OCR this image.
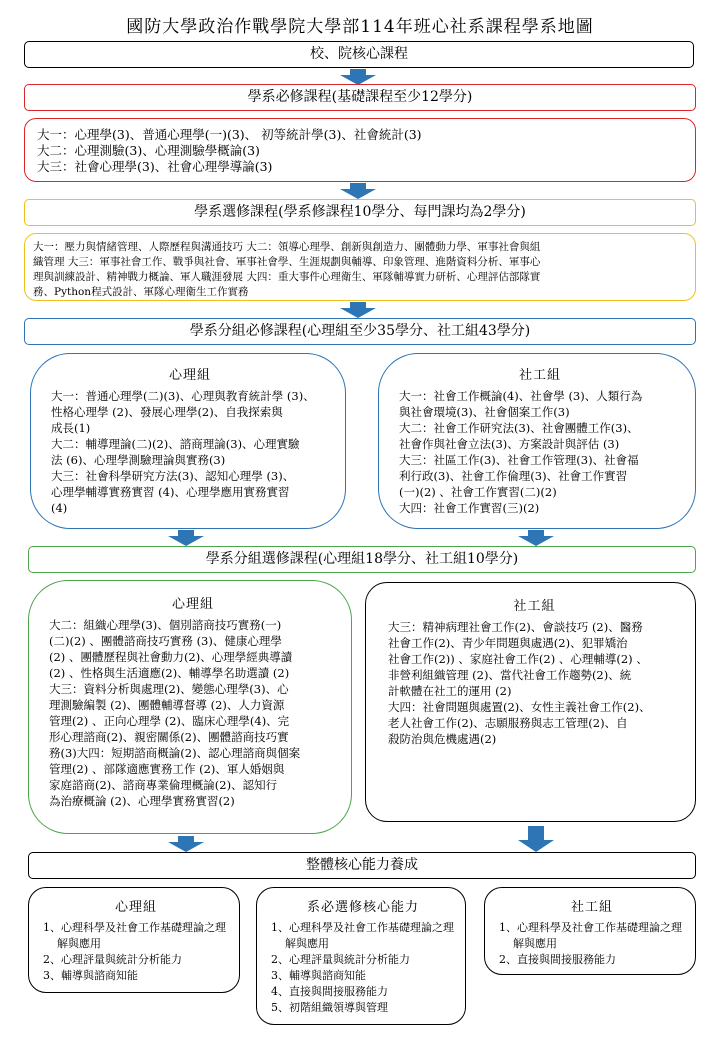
國防大學政治作戰學院大學部114年班心社系課程學系地圖
校、院核心課程
學系必修課程(基礎課程至少12學分)
大一：心理學(3)、普通心理學(一)(3)、 初等統計學(3)、社會統計(3)
大二：心理測驗(3)、心理測驗學概論(3)
大三：社會心理學(3)、社會心理學導論(3)
學系選修課程(學系修課程10學分、每門課均為2學分)
大一：壓力與情緒管理、人際歷程與溝通技巧 大二：領導心理學、創新與創造力、團體動力學、軍事社會與組
織管理 大三：軍事社會工作、戰爭與社會、軍事社會學、生涯規劃與輔導、印象管理、進階資料分析、軍事心
理與訓練設計、精神戰力概論、軍人職涯發展 大四：重大事件心理衛生、軍隊輔導實力研析、心理評估部隊實
務、Python程式設計、軍隊心理衛生工作實務
學系分組必修課程(心理組至少35學分、社工組43學分)
心理組
大一：普通心理學(二)(3)、心理與教育統計學 (3)、
性格心理學 (2)、發展心理學(2)、自我探索與
成長(1)
大二：輔導理論(二)(2)、諮商理論(3)、心理實驗
法 (6)、心理學測驗理論與實務(3)
大三：社會科學研究方法(3)、認知心理學 (3)、
心理學輔導實務實習 (4)、心理學應用實務實習
(4)
社工組
大一：社會工作概論(4)、社會學 (3)、人類行為
與社會環境(3)、社會個案工作(3)
大二：社會工作研究法(3)、社會團體工作(3)、
社會作與社會立法(3)、方案設計與評估 (3)
大三：社區工作(3)、社會工作管理(3)、社會福
利行政(3)、社會工作倫理(3)、社會工作實習
(一)(2) 、社會工作實習(二)(2)
大四：社會工作實習(三)(2)
學系分組選修課程(心理組18學分、社工組10學分)
心理組
大二：組織心理學(3)、個別諮商技巧實務(一)
(二)(2) 、團體諮商技巧實務 (3)、健康心理學
(2) 、團體歷程與社會動力(2)、心理學經典導讀
(2) 、性格與生活適應(2)、輔導學名助選讀 (2)
大三：資料分析與處理(2)、變態心理學(3)、心
理測驗編製 (2)、團體輔導督導 (2)、人力資源
管理(2) 、正向心理學 (2)、臨床心理學(4)、完
形心理諮商(2)、親密關係(2)、團體諮商技巧實
務(3)大四：短期諮商概論(2)、認心理諮商與個案
管理(2) 、部隊適應實務工作 (2)、軍人婚姻與
家庭諮商(2)、諮商專業倫理概論(2)、認知行
為治療概論 (2)、心理學實務實習(2)
社工組
大三：精神病理社會工作(2)、會談技巧 (2)、醫務
社會工作(2)、青少年問題與處遇(2)、犯罪矯治
社會工作(2)) 、家庭社會工作(2) 、心理輔導(2) 、
非營利組織管理 (2)、當代社會工作趨勢(2)、統
計軟體在社工的運用 (2)
大四：社會問題與處置(2)、女性主義社會工作(2)、
老人社會工作(2)、志願服務與志工管理(2)、自
殺防治與危機處遇(2)
整體核心能力養成
心理組
1、心理科學及社會工作基礎理論之理解與應用
2、心理評量與統計分析能力
3、輔導與諮商知能
系必選修核心能力
1、心理科學及社會工作基礎理論之理解與應用
2、心理評量與統計分析能力
3、輔導與諮商知能
4、直接與間接服務能力
5、初階組織領導與管理
社工組
1、心理科學及社會工作基礎理論之理解與應用
2、直接與間接服務能力
